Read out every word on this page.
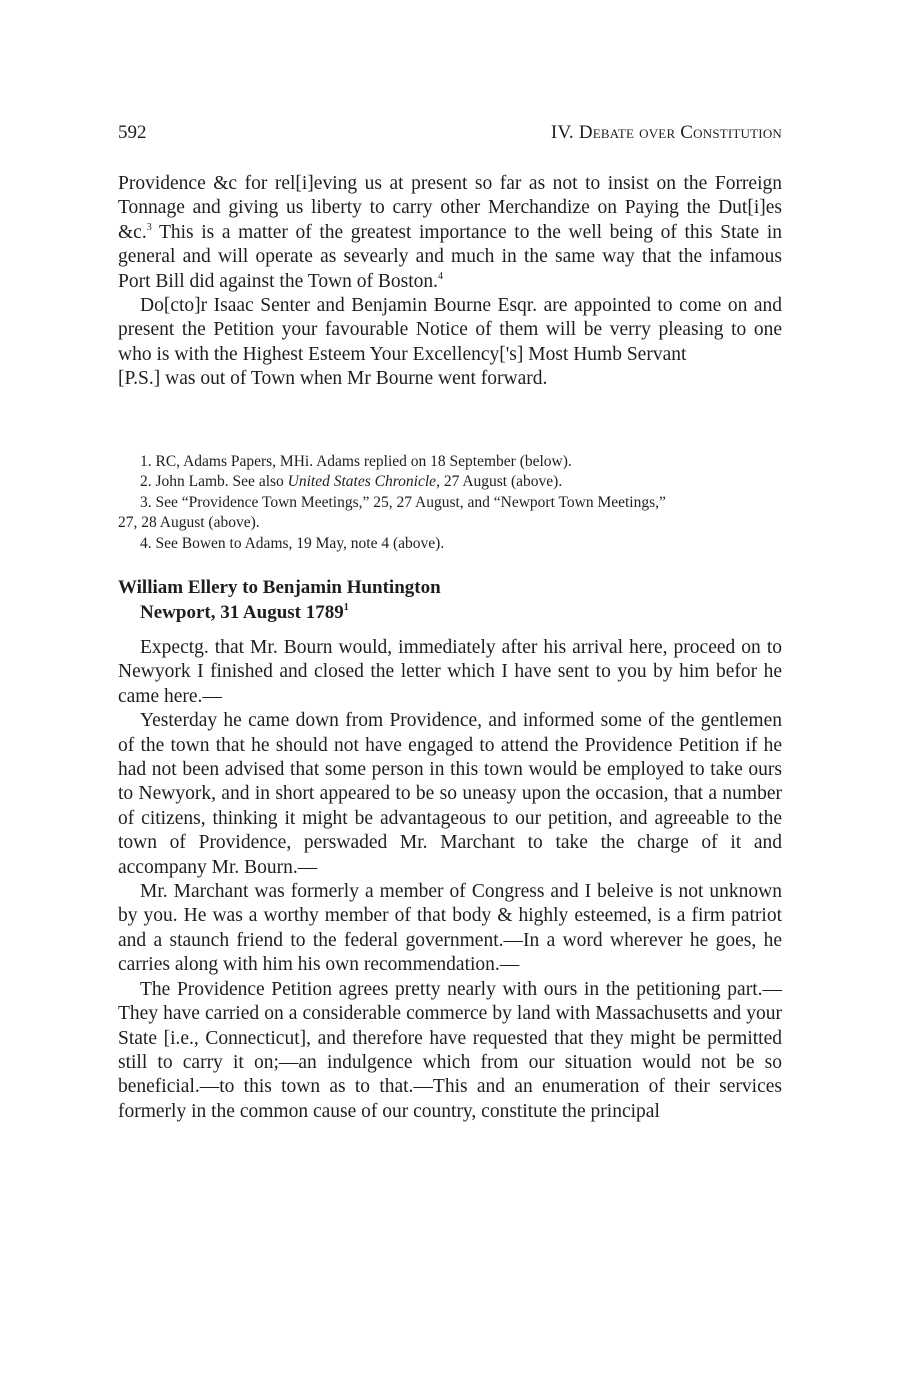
592	IV. Debate over Constitution

Providence &c for rel[i]eving us at present so far as not to insist on the Forreign Tonnage and giving us liberty to carry other Merchandize on Paying the Dut[i]es &c.$^3$ This is a matter of the greatest importance to the well being of this State in general and will operate as sevearly and much in the same way that the infamous Port Bill did against the Town of Boston.$^4$

Do[cto]r Isaac Senter and Benjamin Bourne Esqr. are appointed to come on and present the Petition your favourable Notice of them will be verry pleasing to one who is with the Highest Esteem Your Excellency['s] Most Humb Servant

[P.S.] was out of Town when Mr Bourne went forward.

1. RC, Adams Papers, MHi. Adams replied on 18 September (below).

2. John Lamb. See also United States Chronicle, 27 August (above).

3. See “Providence Town Meetings,” 25, 27 August, and “Newport Town Meetings,”

27, 28 August (above).

4. See Bowen to Adams, 19 May, note 4 (above).

William Ellery to Benjamin Huntington
Newport, 31 August 1789$^1$

Expectg. that Mr. Bourn would, immediately after his arrival here, proceed on to Newyork I finished and closed the letter which I have sent to you by him befor he came here.—

Yesterday he came down from Providence, and informed some of the gentlemen of the town that he should not have engaged to attend the Providence Petition if he had not been advised that some person in this town would be employed to take ours to Newyork, and in short appeared to be so uneasy upon the occasion, that a number of citizens, thinking it might be advantageous to our petition, and agreeable to the town of Providence, perswaded Mr. Marchant to take the charge of it and accompany Mr. Bourn.—

Mr. Marchant was formerly a member of Congress and I beleive is not unknown by you. He was a worthy member of that body & highly esteemed, is a firm patriot and a staunch friend to the federal government.—In a word wherever he goes, he carries along with him his own recommendation.—

The Providence Petition agrees pretty nearly with ours in the petitioning part.—They have carried on a considerable commerce by land with Massachusetts and your State [i.e., Connecticut], and therefore have requested that they might be permitted still to carry it on;—an indulgence which from our situation would not be so beneficial.—to this town as to that.—This and an enumeration of their services formerly in the common cause of our country, constitute the principal
